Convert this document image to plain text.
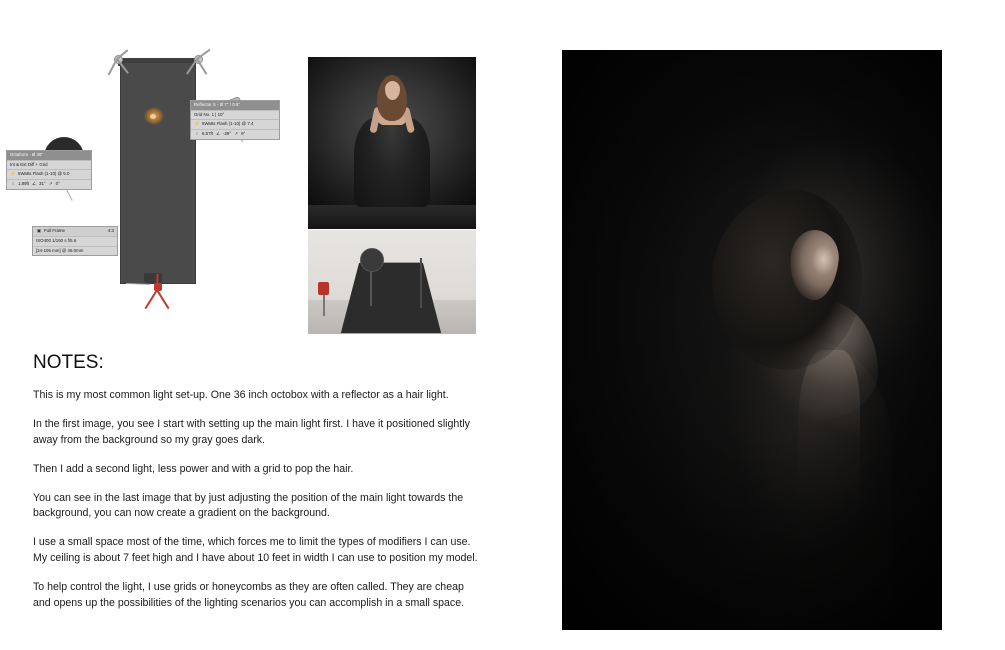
Octaform - Ø 36"
Int & Ext Diff + Grid
⚡ 5Watts Flash (1-10) @ 5.0
↕ 1.89ft ∠ 31° ↗ 0°
Reflector S - Ø 7" / 0.5"
Grid No. 1 | 10°
⚡ 5Watts Flash (1-10) @ 7.4
↕ 6.57ft ∠ -29° ↗ 9°
▣ Full Frame	4:3
ISO400 1/160 s f/5.6
[24-105 mm] @ 46.0mm
NOTES:

This is my most common light set-up. One 36 inch octobox with a reflector as a hair light.

In the first image, you see I start with setting up the main light first. I have it positioned slightly away from the background so my gray goes dark.

Then I add a second light, less power and with a grid to pop the hair.

You can see in the last image that by just adjusting the position of the main light towards the background, you can now create a gradient on the background.

I use a small space most of the time, which forces me to limit the types of modifiers I can use. My ceiling is about 7 feet high and I have about 10 feet in width I can use to position my model.

To help control the light, I use grids or honeycombs as they are often called. They are cheap and opens up the possibilities of the lighting scenarios you can accomplish in a small space.
